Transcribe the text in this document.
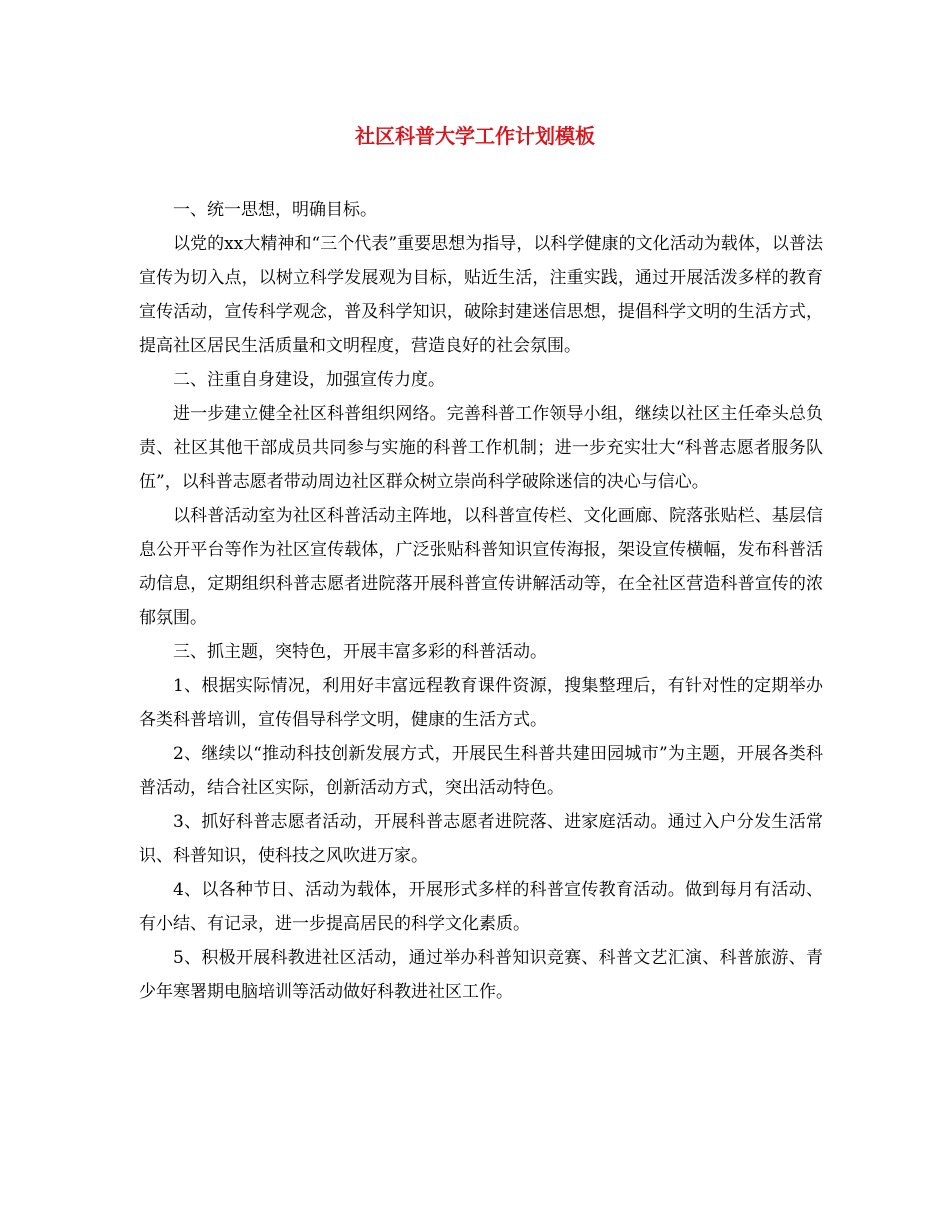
社区科普大学工作计划模板

一、统一思想，明确目标。

以党的xx大精神和“三个代表”重要思想为指导，以科学健康的文化活动为载体，以普法宣传为切入点，以树立科学发展观为目标，贴近生活，注重实践，通过开展活泼多样的教育宣传活动，宣传科学观念，普及科学知识，破除封建迷信思想，提倡科学文明的生活方式，提高社区居民生活质量和文明程度，营造良好的社会氛围。

二、注重自身建设，加强宣传力度。

进一步建立健全社区科普组织网络。完善科普工作领导小组，继续以社区主任牵头总负责、社区其他干部成员共同参与实施的科普工作机制；进一步充实壮大“科普志愿者服务队伍”，以科普志愿者带动周边社区群众树立崇尚科学破除迷信的决心与信心。

以科普活动室为社区科普活动主阵地，以科普宣传栏、文化画廊、院落张贴栏、基层信息公开平台等作为社区宣传载体，广泛张贴科普知识宣传海报，架设宣传横幅，发布科普活动信息，定期组织科普志愿者进院落开展科普宣传讲解活动等，在全社区营造科普宣传的浓郁氛围。

三、抓主题，突特色，开展丰富多彩的科普活动。

1、根据实际情况，利用好丰富远程教育课件资源，搜集整理后，有针对性的定期举办各类科普培训，宣传倡导科学文明，健康的生活方式。

2、继续以“推动科技创新发展方式，开展民生科普共建田园城市”为主题，开展各类科普活动，结合社区实际，创新活动方式，突出活动特色。

3、抓好科普志愿者活动，开展科普志愿者进院落、进家庭活动。通过入户分发生活常识、科普知识，使科技之风吹进万家。

4、以各种节日、活动为载体，开展形式多样的科普宣传教育活动。做到每月有活动、有小结、有记录，进一步提高居民的科学文化素质。

5、积极开展科教进社区活动，通过举办科普知识竞赛、科普文艺汇演、科普旅游、青少年寒署期电脑培训等活动做好科教进社区工作。
